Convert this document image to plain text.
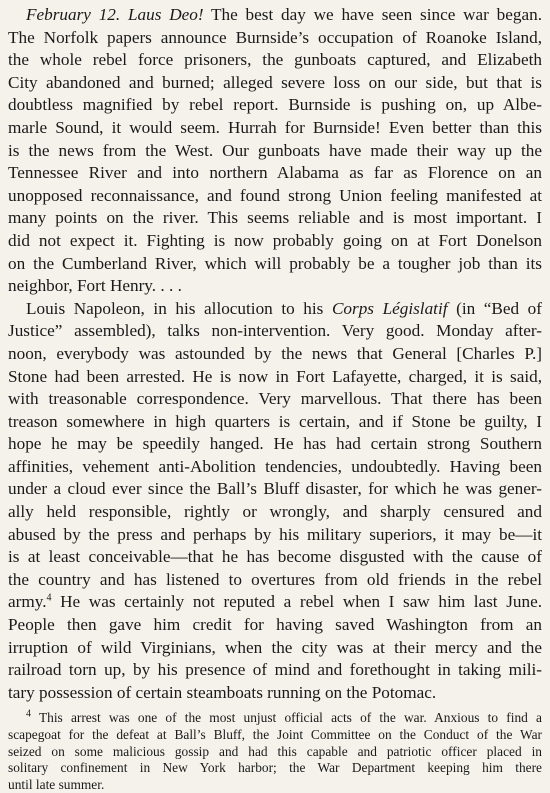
February 12. Laus Deo! The best day we have seen since war began.
The Norfolk papers announce Burnside’s occupation of Roanoke Island,
the whole rebel force prisoners, the gunboats captured, and Elizabeth
City abandoned and burned; alleged severe loss on our side, but that is
doubtless magnified by rebel report. Burnside is pushing on, up Albe-
marle Sound, it would seem. Hurrah for Burnside! Even better than this
is the news from the West. Our gunboats have made their way up the
Tennessee River and into northern Alabama as far as Florence on an
unopposed reconnaissance, and found strong Union feeling manifested at
many points on the river. This seems reliable and is most important. I
did not expect it. Fighting is now probably going on at Fort Donelson
on the Cumberland River, which will probably be a tougher job than its
neighbor, Fort Henry. . . .
Louis Napoleon, in his allocution to his Corps Législatif (in “Bed of
Justice” assembled), talks non-intervention. Very good. Monday after-
noon, everybody was astounded by the news that General [Charles P.]
Stone had been arrested. He is now in Fort Lafayette, charged, it is said,
with treasonable correspondence. Very marvellous. That there has been
treason somewhere in high quarters is certain, and if Stone be guilty, I
hope he may be speedily hanged. He has had certain strong Southern
affinities, vehement anti-Abolition tendencies, undoubtedly. Having been
under a cloud ever since the Ball’s Bluff disaster, for which he was gener-
ally held responsible, rightly or wrongly, and sharply censured and
abused by the press and perhaps by his military superiors, it may be—it
is at least conceivable—that he has become disgusted with the cause of
the country and has listened to overtures from old friends in the rebel
army.$^4$ He was certainly not reputed a rebel when I saw him last June.
People then gave him credit for having saved Washington from an
irruption of wild Virginians, when the city was at their mercy and the
railroad torn up, by his presence of mind and forethought in taking mili-
tary possession of certain steamboats running on the Potomac.
$^4$ This arrest was one of the most unjust official acts of the war. Anxious to find a
scapegoat for the defeat at Ball’s Bluff, the Joint Committee on the Conduct of the War
seized on some malicious gossip and had this capable and patriotic officer placed in
solitary confinement in New York harbor; the War Department keeping him there
until late summer.
